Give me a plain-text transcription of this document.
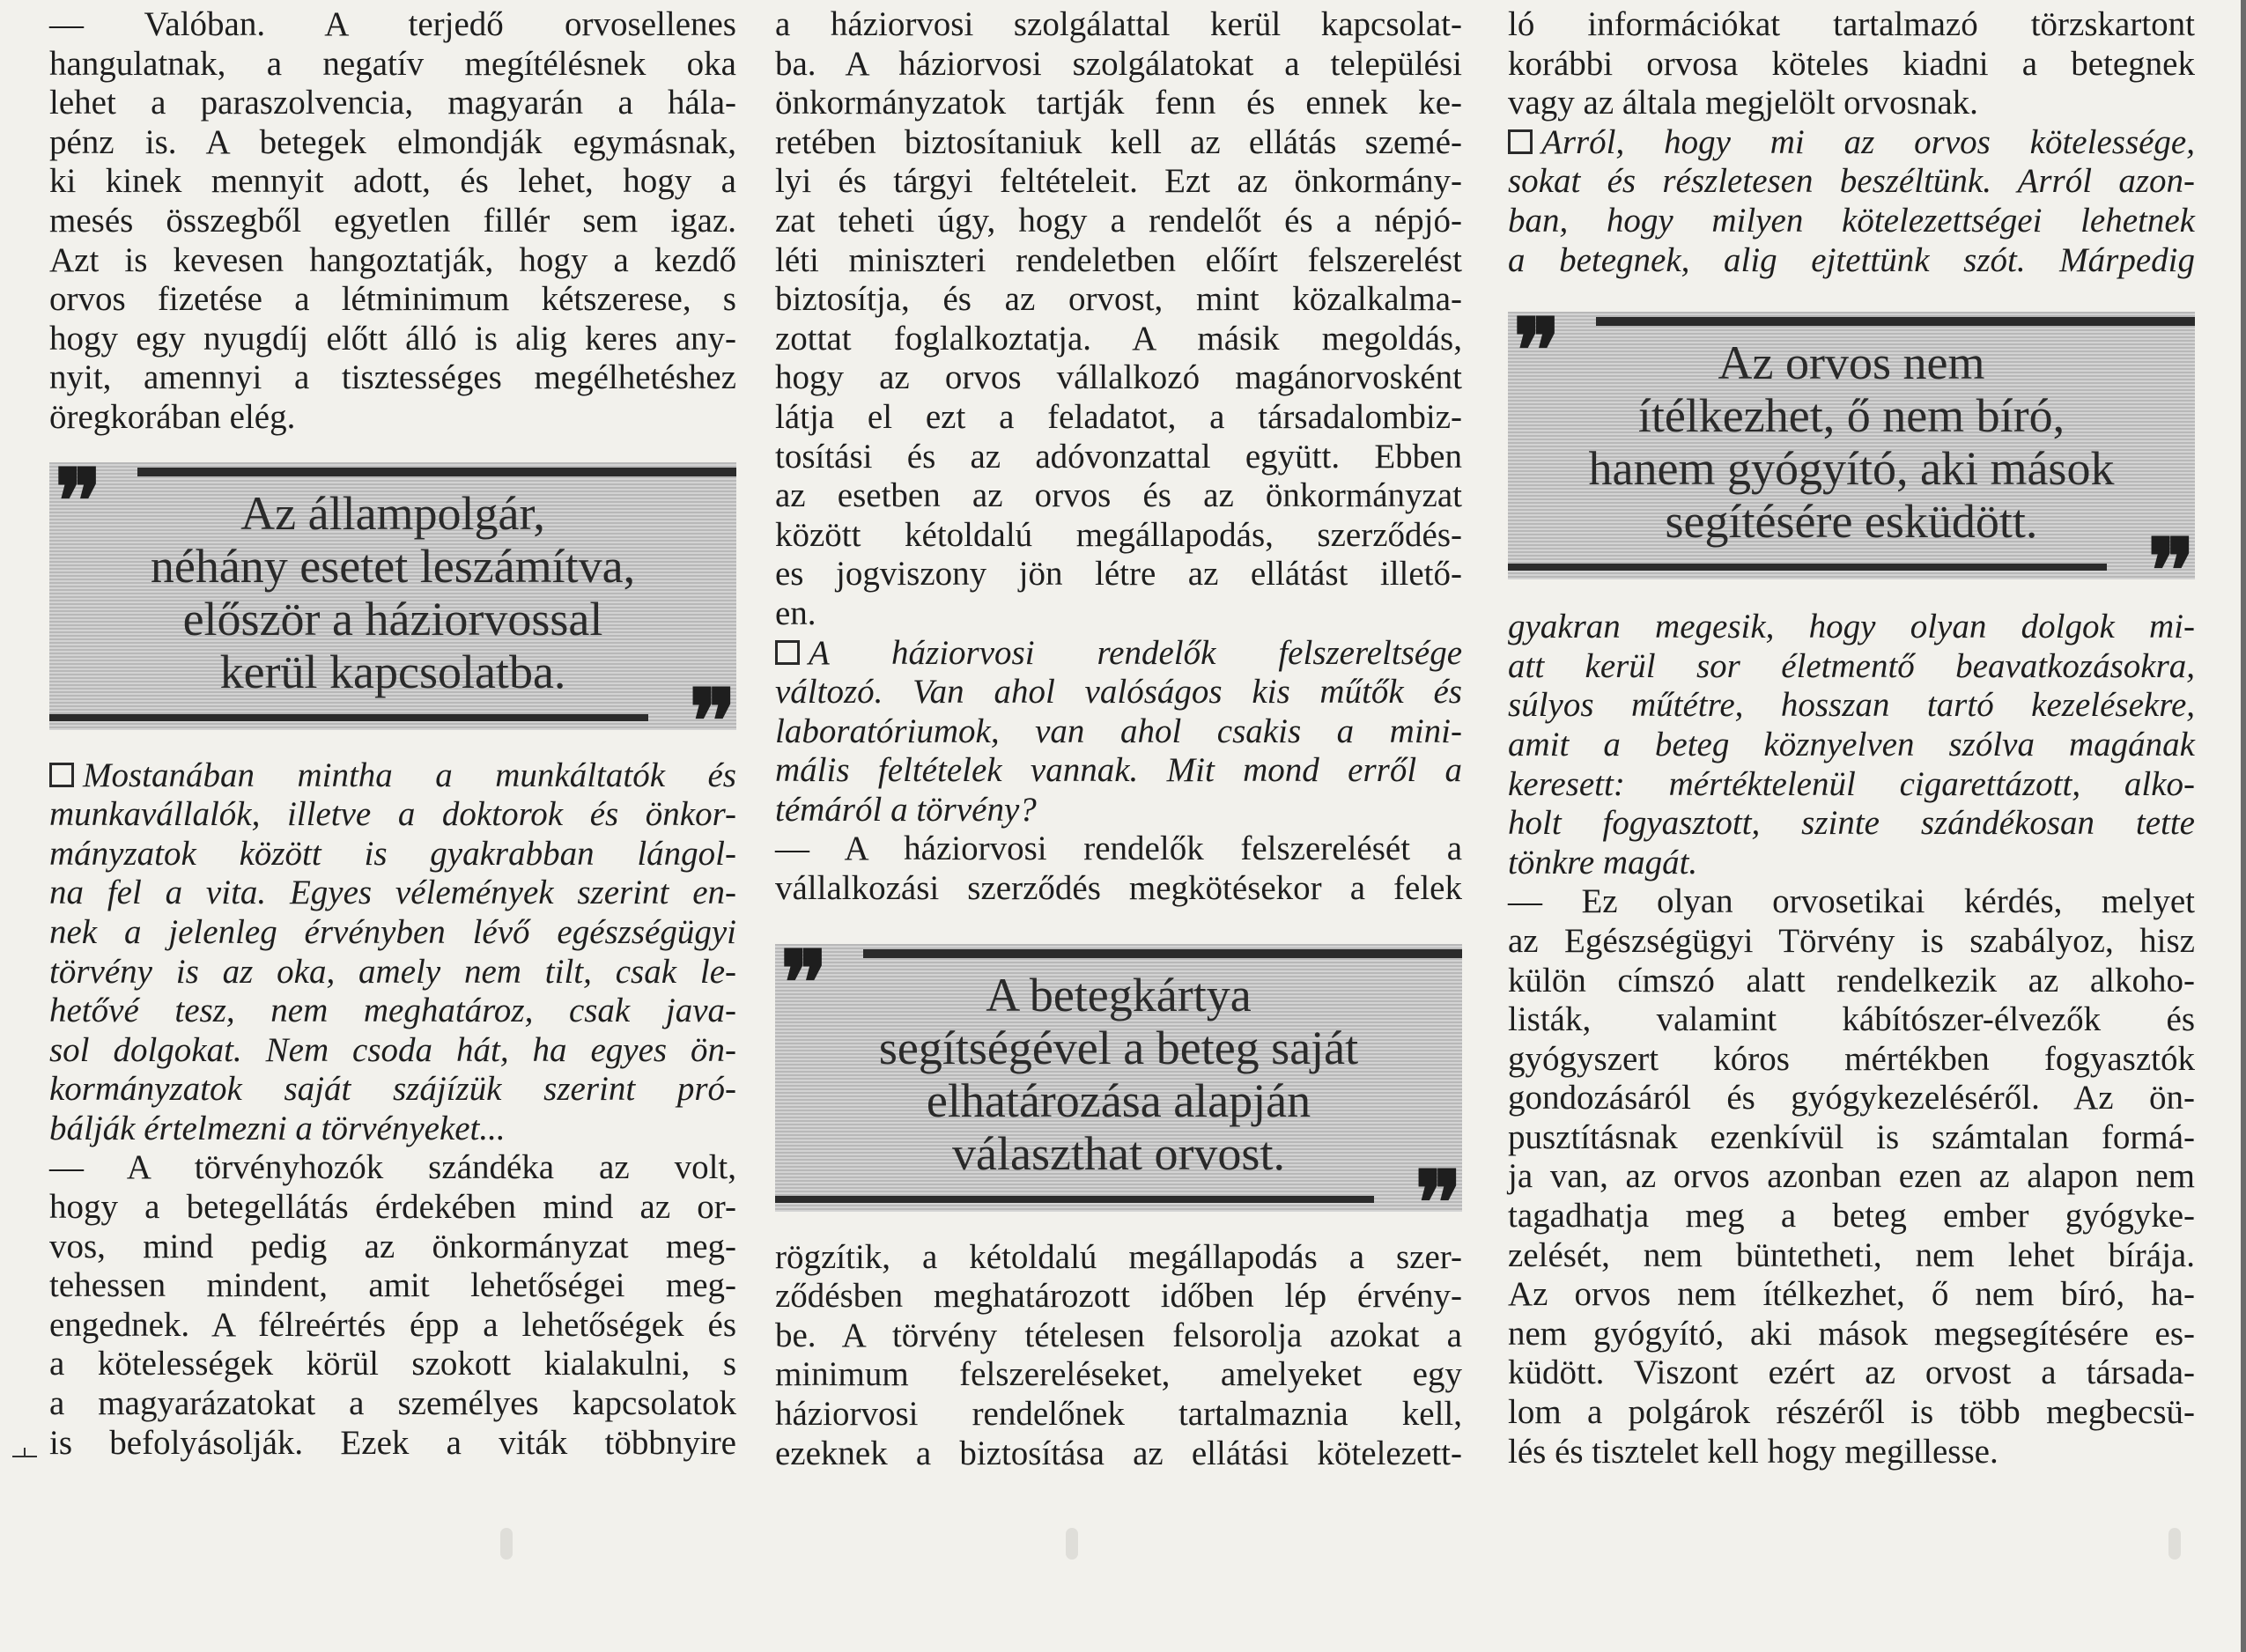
— Valóban. A terjedő orvosellenes
hangulatnak, a negatív megítélésnek oka
lehet a paraszolvencia, magyarán a hála-
pénz is. A betegek elmondják egymásnak,
ki kinek mennyit adott, és lehet, hogy a
mesés összegből egyetlen fillér sem igaz.
Azt is kevesen hangoztatják, hogy a kezdő
orvos fizetése a létminimum kétszerese, s
hogy egy nyugdíj előtt álló is alig keres any-
nyit, amennyi a tisztességes megélhetéshez
öregkorában elég.
❞	Az állampolgár,
néhány esetet leszámítva,
először a háziorvossal
kerül kapcsolatba.	❞
Mostanában mintha a munkáltatók és
munkavállalók, illetve a doktorok és önkor-
mányzatok között is gyakrabban lángol-
na fel a vita. Egyes vélemények szerint en-
nek a jelenleg érvényben lévő egészségügyi
törvény is az oka, amely nem tilt, csak le-
hetővé tesz, nem meghatároz, csak java-
sol dolgokat. Nem csoda hát, ha egyes ön-
kormányzatok saját szájízük szerint pró-
bálják értelmezni a törvényeket...
— A törvényhozók szándéka az volt,
hogy a betegellátás érdekében mind az or-
vos, mind pedig az önkormányzat meg-
tehessen mindent, amit lehetőségei meg-
engednek. A félreértés épp a lehetőségek és
a kötelességek körül szokott kialakulni, s
a magyarázatokat a személyes kapcsolatok
is befolyásolják. Ezek a viták többnyire
a háziorvosi szolgálattal kerül kapcsolat-
ba. A háziorvosi szolgálatokat a települési
önkormányzatok tartják fenn és ennek ke-
retében biztosítaniuk kell az ellátás szemé-
lyi és tárgyi feltételeit. Ezt az önkormány-
zat teheti úgy, hogy a rendelőt és a népjó-
léti miniszteri rendeletben előírt felszerelést
biztosítja, és az orvost, mint közalkalma-
zottat foglalkoztatja. A másik megoldás,
hogy az orvos vállalkozó magánorvosként
látja el ezt a feladatot, a társadalombiz-
tosítási és az adóvonzattal együtt. Ebben
az esetben az orvos és az önkormányzat
között kétoldalú megállapodás, szerződés-
es jogviszony jön létre az ellátást illető-
en.
A háziorvosi rendelők felszereltsége
változó. Van ahol valóságos kis műtők és
laboratóriumok, van ahol csakis a mini-
mális feltételek vannak. Mit mond erről a
témáról a törvény?
— A háziorvosi rendelők felszerelését a
vállalkozási szerződés megkötésekor a felek
❞	A betegkártya
segítségével a beteg saját
elhatározása alapján
választhat orvost.	❞
rögzítik, a kétoldalú megállapodás a szer-
ződésben meghatározott időben lép érvény-
be. A törvény tételesen felsorolja azokat a
minimum felszereléseket, amelyeket egy
háziorvosi rendelőnek tartalmaznia kell,
ezeknek a biztosítása az ellátási kötelezett-
ló információkat tartalmazó törzskartont
korábbi orvosa köteles kiadni a betegnek
vagy az általa megjelölt orvosnak.
Arról, hogy mi az orvos kötelessége,
sokat és részletesen beszéltünk. Arról azon-
ban, hogy milyen kötelezettségei lehetnek
a betegnek, alig ejtettünk szót. Márpedig
❞	Az orvos nem
ítélkezhet, ő nem bíró,
hanem gyógyító, aki mások
segítésére esküdött.	❞
gyakran megesik, hogy olyan dolgok mi-
att kerül sor életmentő beavatkozásokra,
súlyos műtétre, hosszan tartó kezelésekre,
amit a beteg köznyelven szólva magának
keresett: mértéktelenül cigarettázott, alko-
holt fogyasztott, szinte szándékosan tette
tönkre magát.
— Ez olyan orvosetikai kérdés, melyet
az Egészségügyi Törvény is szabályoz, hisz
külön címszó alatt rendelkezik az alkoho-
listák, valamint kábítószer-élvezők és
gyógyszert kóros mértékben fogyasztók
gondozásáról és gyógykezeléséről. Az ön-
pusztításnak ezenkívül is számtalan formá-
ja van, az orvos azonban ezen az alapon nem
tagadhatja meg a beteg ember gyógyke-
zelését, nem büntetheti, nem lehet bírája.
Az orvos nem ítélkezhet, ő nem bíró, ha-
nem gyógyító, aki mások megsegítésére es-
küdött. Viszont ezért az orvost a társada-
lom a polgárok részéről is több megbecsü-
lés és tisztelet kell hogy megillesse.
